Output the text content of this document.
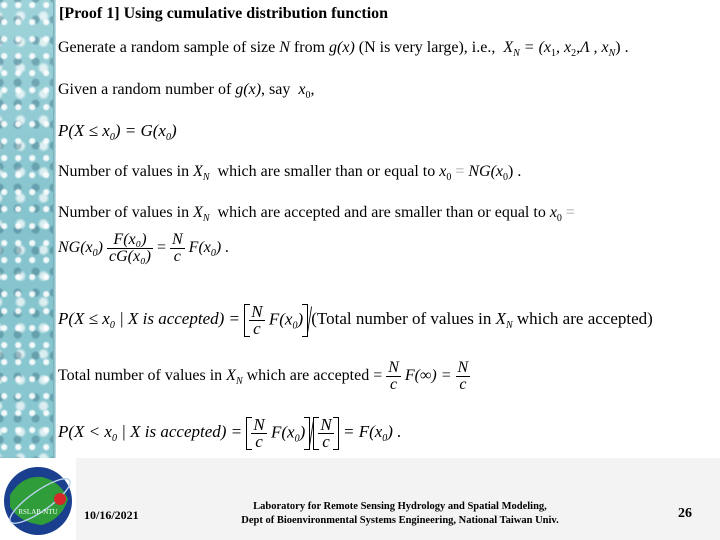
[Proof 1] Using cumulative distribution function
Generate a random sample of size N from g(x) (N is very large), i.e., $X_N = (x_1$, $x_2,\Lambda$ , $x_N$) .
Given a random number of g(x), say $x_0$,
$P(X \le x_0) = G(x_0)$
Number of values in $X_N$ which are smaller than or equal to $x_0 = NG(x_0)$ .
Number of values in $X_N$ which are accepted and are smaller than or equal to $x_0$ =
$NG(x_0) \frac{\text{F(x₀)}}{\text{cG(x₀)}} = \frac{N}{c} F(x_0)$ .
$P(X \le x_0$ | X is accepted) = $\frac{N}{c} F(x_0)$ /(Total number of values in $X_N$ which are accepted)
Total number of values in $X_N$ which are accepted = $\frac{N}{c} F(\infty) = \frac{N}{c}$
$P(X < x_0$ | X is accepted) = $\frac{N}{c} F(x_0) / \frac{N}{c} = F(x_0)$ .
RSLAB-NTU 10/16/2021
Laboratory for Remote Sensing Hydrology and Spatial Modeling,
Dept of Bioenvironmental Systems Engineering, National Taiwan Univ.	26
